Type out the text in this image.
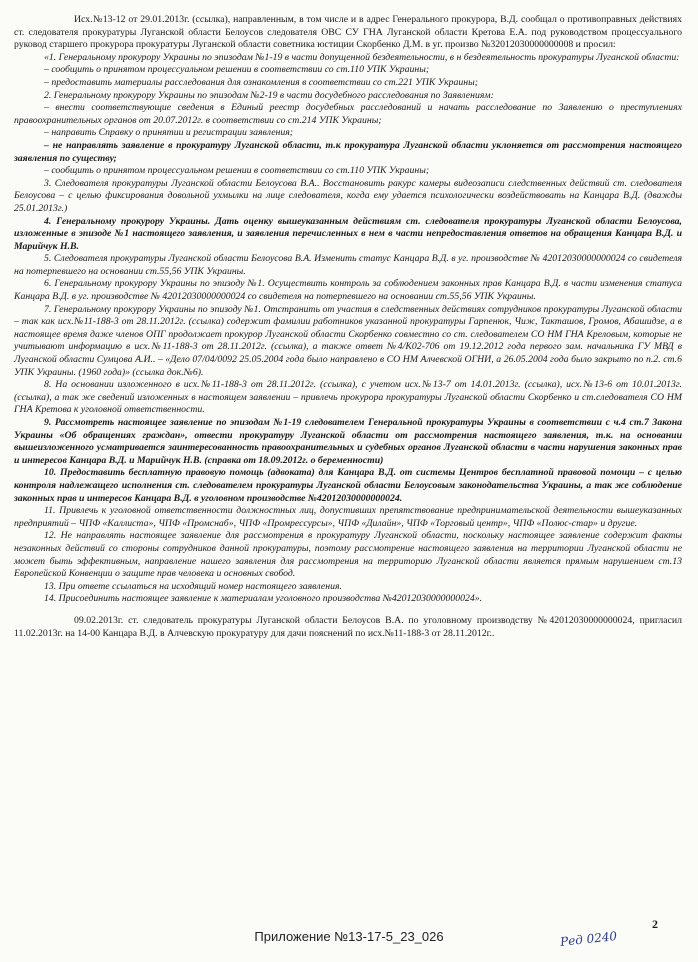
Исх.№13-12 от 29.01.2013г. (ссылка), направленным, в том числе и в адрес Генерального прокурора, В.Д. сообщал о противоправных действиях ст. следователя прокуратуры Луганской области Белоусов следователя ОВС СУ ГНА Луганской области Кретова Е.А. под руководством процессуального руковод старшего прокурора прокуратуры Луганской области советника юстиции Скорбенко Д.М. в уг. произво №32012030000000008 и просил:

«1. Генеральному прокурору Украины по эпизодам №1-19 в части допущенной бездеятельности, в н бездеятельность прокуратуры Луганской области:

– сообщить о принятом процессуальном решении в соответствии со ст.110 УПК Украины;

– предоставить материалы расследования для ознакомления в соответствии со ст.221 УПК Украины;

2. Генеральному прокурору Украины по эпизодам №2-19 в части досудебного расследования по Заявлениям:

– внести соответствующие сведения в Единый реестр досудебных расследований и начать расследование по Заявлению о преступлениях правоохранительных органов от 20.07.2012г. в соответствии со ст.214 УПК Украины;

– направить Справку о принятии и регистрации заявления;

– не направлять заявление в прокуратуру Луганской области, т.к прокуратура Луганской области уклоняется от рассмотрения настоящего заявления по существу;

– сообщить о принятом процессуальном решении в соответствии со ст.110 УПК Украины;

3. Следователя прокуратуры Луганской области Белоусова В.А.. Восстановить ракурс камеры видеозаписи следственных действий ст. следователя Белоусова – с целью фиксирования довольной ухмылки на лице следователя, когда ему удается психологически воздействовать на Канцара В.Д. (дважды 25.01.2013г.)

4. Генеральному прокурору Украины. Дать оценку вышеуказанным действиям ст. следователя прокуратуры Луганской области Белоусова, изложенные в эпизоде №1 настоящего заявления, и заявления перечисленных в нем в части непредоставления ответов на обращения Канцара В.Д. и Марийчук Н.В.

5. Следователя прокуратуры Луганской области Белоусова В.А. Изменить статус Канцара В.Д. в уг. производстве № 42012030000000024 со свидетеля на потерпевшего на основании ст.55,56 УПК Украины.

6. Генеральному прокурору Украины по эпизоду №1. Осуществить контроль за соблюдением законных прав Канцара В.Д. в части изменения статуса Канцара В.Д. в уг. производстве № 42012030000000024 со свидетеля на потерпевшего на основании ст.55,56 УПК Украины.

7. Генеральному прокурору Украины по эпизоду №1. Отстранить от участия в следственных действиях сотрудников прокуратуры Луганской области – так как исх.№11-188-3 от 28.11.2012г. (ссылка) содержит фамилии работников указанной прокуратуры Гарпенюк, Чиж, Такташов, Громов, Абашидзе, а в настоящее время даже членов ОПГ продолжает прокурор Луганской области Скорбенко совместно со ст. следователем СО НМ ГНА Креловым, которые не учитывают информацию в исх.№11-188-3 от 28.11.2012г. (ссылка), а также ответ №4/К02-706 от 19.12.2012 года первого зам. начальника ГУ МВД в Луганской области Сумцова А.И.. – «Дело 07/04/0092 25.05.2004 года было направлено в СО НМ Алчевской ОГНИ, а 26.05.2004 года было закрыто по п.2. ст.6 УПК Украины. (1960 года)» (ссылка док.№6).

8. На основании изложенного в исх.№11-188-3 от 28.11.2012г. (ссылка), с учетом исх.№13-7 от 14.01.2013г. (ссылка), исх.№13-6 от 10.01.2013г. (ссылка), а так же сведений изложенных в настоящем заявлении – привлечь прокурора прокуратуры Луганской области Скорбенко и ст.следователя СО НМ ГНА Кретова к уголовной ответственности.

9. Рассмотреть настоящее заявление по эпизодам №1-19 следователем Генеральной прокуратуры Украины в соответствии с ч.4 ст.7 Закона Украины «Об обращениях граждан», отвести прокуратуру Луганской области от рассмотрения настоящего заявления, т.к. на основании вышеизложенного усматривается заинтересованность правоохранительных и судебных органов Луганской области в части нарушения законных прав и интересов Канцара В.Д. и Марийчук Н.В. (справка от 18.09.2012г. о беременности)

10. Предоставить бесплатную правовую помощь (адвоката) для Канцара В.Д. от системы Центров бесплатной правовой помощи – с целью контроля надлежащего исполнения ст. следователем прокуратуры Луганской области Белоусовым законодательства Украины, а так же соблюдение законных прав и интересов Канцара В.Д. в уголовном производстве №42012030000000024.

11. Привлечь к уголовной ответственности должностных лиц, допустивших препятствование предпринимательской деятельности вышеуказанных предприятий – ЧПФ «Каллиста», ЧПФ «Промснаб», ЧПФ «Промрессурсы», ЧПФ «Дилайн», ЧПФ «Торговый центр», ЧПФ «Полюс-стар» и другие.

12. Не направлять настоящее заявление для рассмотрения в прокуратуру Луганской области, поскольку настоящее заявление содержит факты незаконных действий со стороны сотрудников данной прокуратуры, поэтому рассмотрение настоящего заявления на территории Луганской области не может быть эффективным, направление нашего заявления для рассмотрения на территорию Луганской области является прямым нарушением ст.13 Европейской Конвенции о защите прав человека и основных свобод.

13. При ответе ссылаться на исходящий номер настоящего заявления.

14. Присоединить настоящее заявление к материалам уголовного производства №42012030000000024».

09.02.2013г. ст. следователь прокуратуры Луганской области Белоусов В.А. по уголовному производству №42012030000000024, пригласил 11.02.2013г. на 14-00 Канцара В.Д. в Алчевскую прокуратуру для дачи пояснений по исх.№11-188-3 от 28.11.2012г..

2
Ред 0240
Приложение №13-17-5_23_026
